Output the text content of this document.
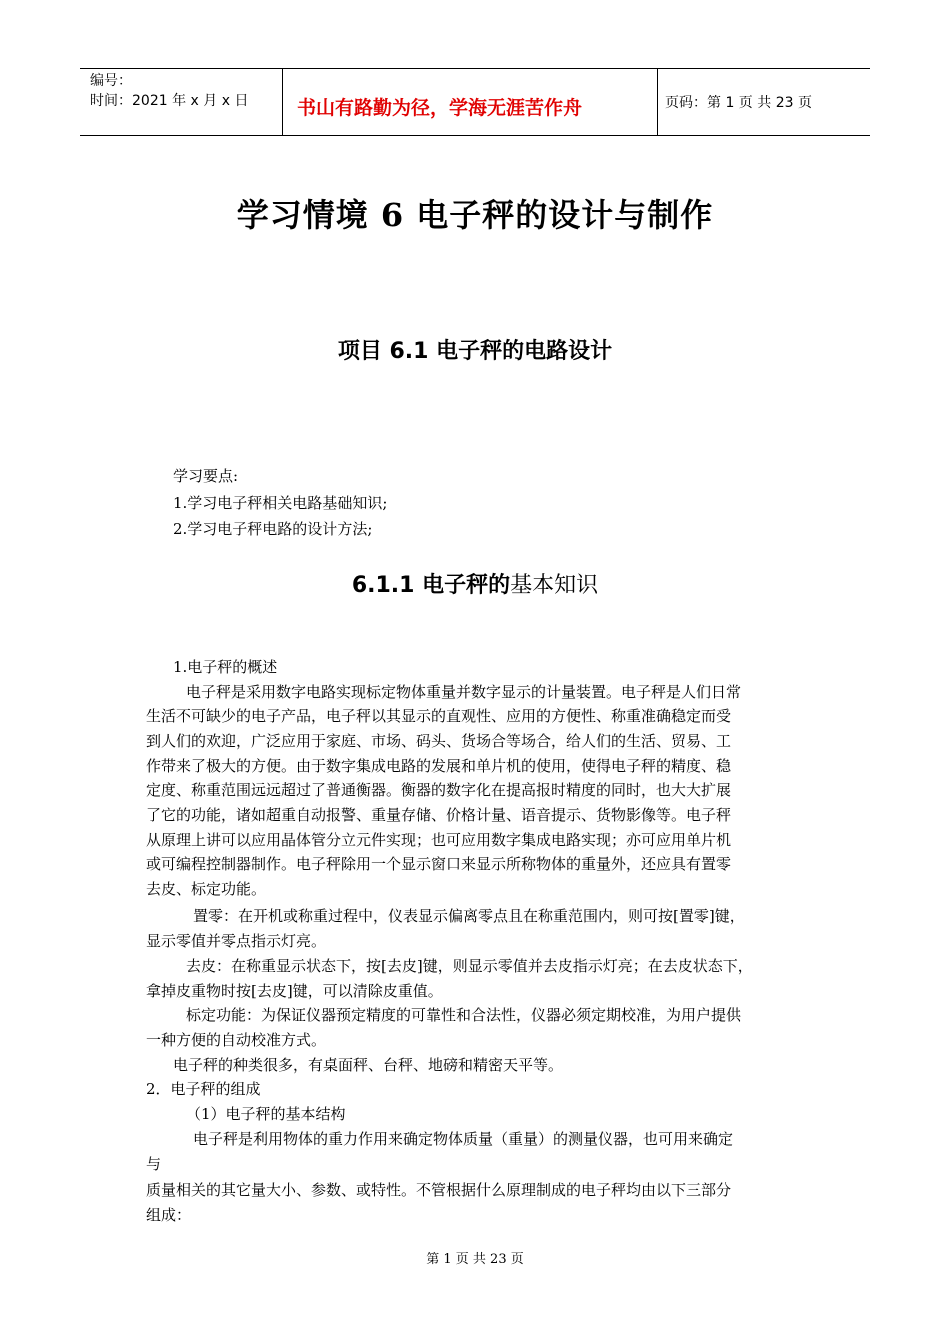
编号：
时间：2021 年 x 月 x 日	书山有路勤为径，学海无涯苦作舟	页码：第 1 页 共 23 页
学习情境 6 电子秤的设计与制作
项目 6.1 电子秤的电路设计
学习要点:
1.学习电子秤相关电路基础知识;
2.学习电子秤电路的设计方法;
6.1.1 电子秤的基本知识
1.电子秤的概述
电子秤是采用数字电路实现标定物体重量并数字显示的计量装置。电子秤是人们日常
生活不可缺少的电子产品，电子秤以其显示的直观性、应用的方便性、称重准确稳定而受
到人们的欢迎，广泛应用于家庭、市场、码头、货场合等场合，给人们的生活、贸易、工
作带来了极大的方便。由于数字集成电路的发展和单片机的使用，使得电子秤的精度、稳
定度、称重范围远远超过了普通衡器。衡器的数字化在提高报时精度的同时，也大大扩展
了它的功能，诸如超重自动报警、重量存储、价格计量、语音提示、货物影像等。电子秤
从原理上讲可以应用晶体管分立元件实现；也可应用数字集成电路实现；亦可应用单片机
或可编程控制器制作。电子秤除用一个显示窗口来显示所称物体的重量外，还应具有置零
去皮、标定功能。
置零：在开机或称重过程中，仪表显示偏离零点且在称重范围内，则可按[置零]键，
显示零值并零点指示灯亮。
去皮：在称重显示状态下，按[去皮]键，则显示零值并去皮指示灯亮；在去皮状态下，
拿掉皮重物时按[去皮]键，可以清除皮重值。
标定功能：为保证仪器预定精度的可靠性和合法性，仪器必须定期校准，为用户提供
一种方便的自动校准方式。
电子秤的种类很多，有桌面秤、台秤、地磅和精密天平等。
2．电子秤的组成
（1）电子秤的基本结构
电子秤是利用物体的重力作用来确定物体质量（重量）的测量仪器，也可用来确定
与
质量相关的其它量大小、参数、或特性。不管根据什么原理制成的电子秤均由以下三部分
组成：
第 1 页 共 23 页
